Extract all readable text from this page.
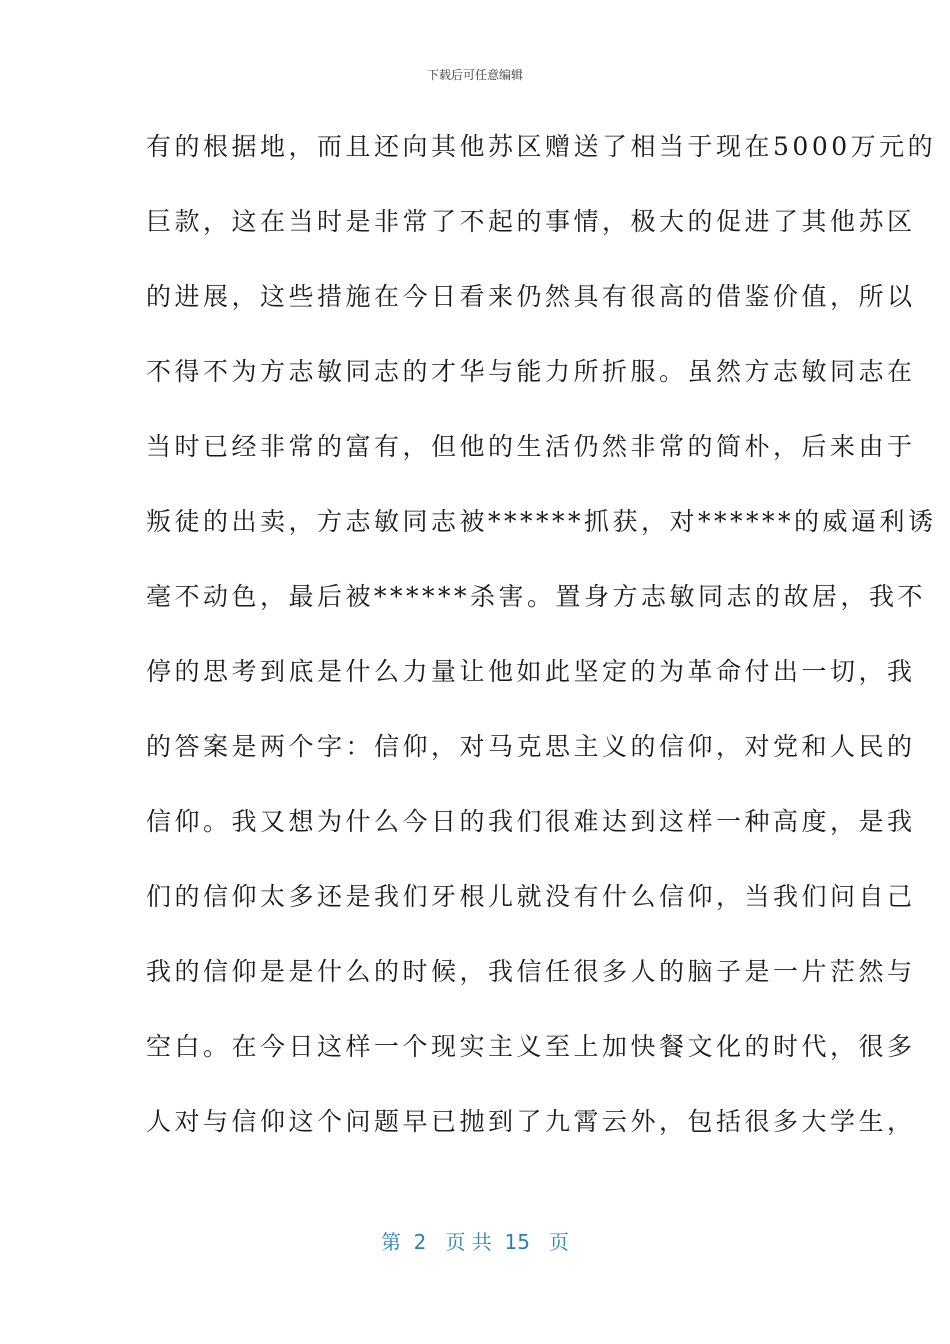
下载后可任意编辑
有的根据地，而且还向其他苏区赠送了相当于现在5000万元的
巨款，这在当时是非常了不起的事情，极大的促进了其他苏区
的进展，这些措施在今日看来仍然具有很高的借鉴价值，所以
不得不为方志敏同志的才华与能力所折服。虽然方志敏同志在
当时已经非常的富有，但他的生活仍然非常的简朴，后来由于
叛徒的出卖，方志敏同志被******抓获，对******的威逼利诱
毫不动色，最后被******杀害。置身方志敏同志的故居，我不
停的思考到底是什么力量让他如此坚定的为革命付出一切，我
的答案是两个字：信仰，对马克思主义的信仰，对党和人民的
信仰。我又想为什么今日的我们很难达到这样一种高度，是我
们的信仰太多还是我们牙根儿就没有什么信仰，当我们问自己
我的信仰是是什么的时候，我信任很多人的脑子是一片茫然与
空白。在今日这样一个现实主义至上加快餐文化的时代，很多
人对与信仰这个问题早已抛到了九霄云外，包括很多大学生，
第  2   页 共  15   页
